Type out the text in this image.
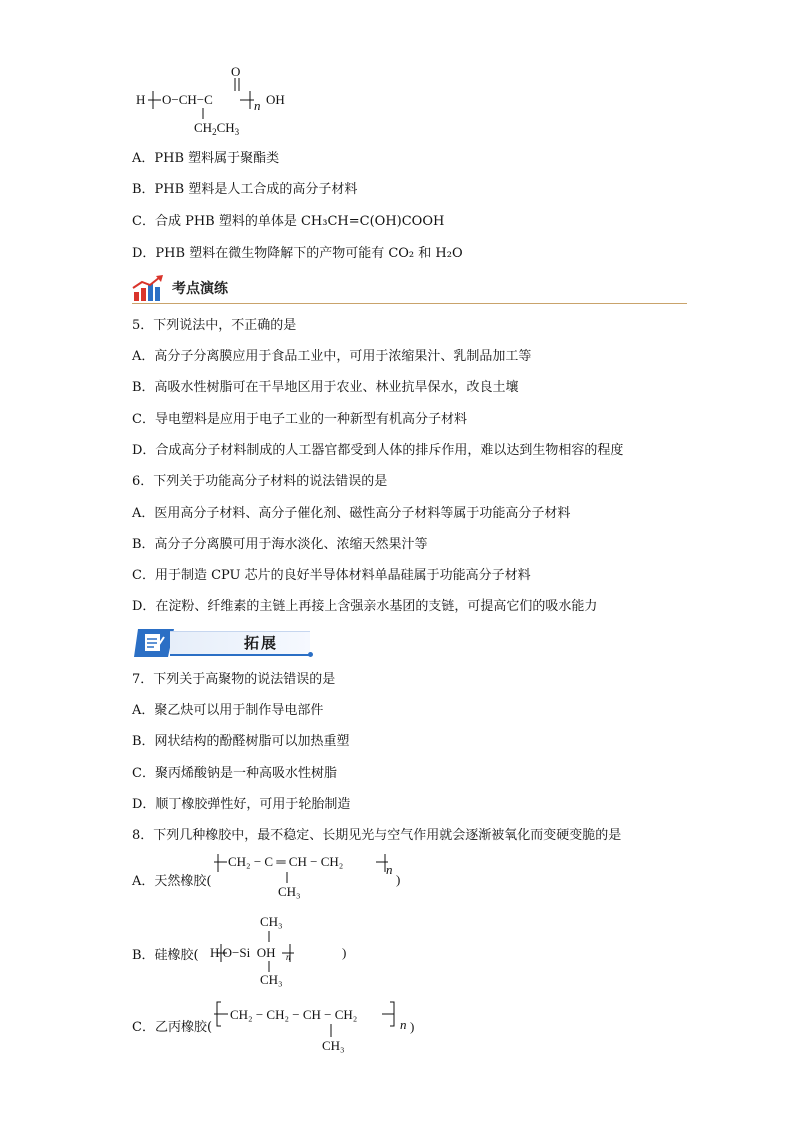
O
H O−CH−C	n OH
$CH_2CH_3$
A．PHB 塑料属于聚酯类
B．PHB 塑料是人工合成的高分子材料
C．合成 PHB 塑料的单体是 CH₃CH=C(OH)COOH
D．PHB 塑料在微生物降解下的产物可能有 CO₂ 和 H₂O
考点演练
5．下列说法中，不正确的是
A．高分子分离膜应用于食品工业中，可用于浓缩果汁、乳制品加工等
B．高吸水性树脂可在干旱地区用于农业、林业抗旱保水，改良土壤
C．导电塑料是应用于电子工业的一种新型有机高分子材料
D．合成高分子材料制成的人工器官都受到人体的排斥作用，难以达到生物相容的程度
6．下列关于功能高分子材料的说法错误的是
A．医用高分子材料、高分子催化剂、磁性高分子材料等属于功能高分子材料
B．高分子分离膜可用于海水淡化、浓缩天然果汁等
C．用于制造 CPU 芯片的良好半导体材料单晶硅属于功能高分子材料
D．在淀粉、纤维素的主链上再接上含强亲水基团的支链，可提高它们的吸水能力
拓展
7．下列关于高聚物的说法错误的是
A．聚乙炔可以用于制作导电部件
B．网状结构的酚醛树脂可以加热重塑
C．聚丙烯酸钠是一种高吸水性树脂
D．顺丁橡胶弹性好，可用于轮胎制造
8．下列几种橡胶中，最不稳定、长期见光与空气作用就会逐渐被氧化而变硬变脆的是
A．天然橡胶(
CH₂ − C ═ CH − CH₂
n
CH₃
)
B．硅橡胶(
CH₃
H O−Si  OH n	)
CH₃
C．乙丙橡胶(
CH₂ − CH₂ − CH − CH₂
n )
CH₃
